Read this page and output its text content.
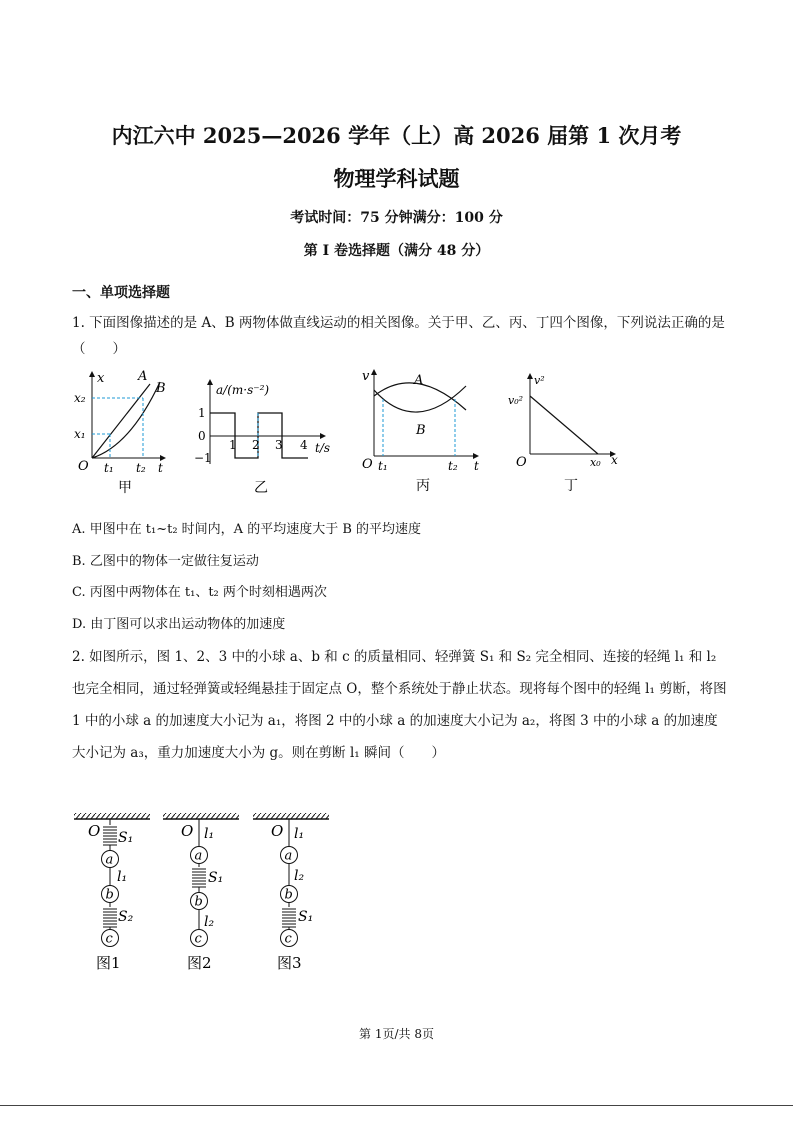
内江六中 2025—2026 学年（上）高 2026 届第 1 次月考
物理学科试题
考试时间：75 分钟满分：100 分
第 I 卷选择题（满分 48 分）
一、单项选择题
1. 下面图像描述的是 A、B 两物体做直线运动的相关图像。关于甲、乙、丙、丁四个图像，下列说法正确的是（　　）
x
t
O
x₂
x₁
t₁ t₂
A
B
甲
a/(m·s⁻²)
t/s
1
0
−1
1 2 3 4
乙
v
t
O t₁	t₂
A
B
丙
v²
x
O
v₀²
x₀
丁
A. 甲图中在 t₁~t₂ 时间内，A 的平均速度大于 B 的平均速度
B. 乙图中的物体一定做往复运动
C. 丙图中两物体在 t₁、t₂ 两个时刻相遇两次
D. 由丁图可以求出运动物体的加速度
2. 如图所示，图 1、2、3 中的小球 a、b 和 c 的质量相同、轻弹簧 S₁ 和 S₂ 完全相同、连接的轻绳 l₁ 和 l₂ 也完全相同，通过轻弹簧或轻绳悬挂于固定点 O，整个系统处于静止状态。现将每个图中的轻绳 l₁ 剪断，将图 1 中的小球 a 的加速度大小记为 a₁，将图 2 中的小球 a 的加速度大小记为 a₂，将图 3 中的小球 a 的加速度大小记为 a₃，重力加速度大小为 g。则在剪断 l₁ 瞬间（　　）
O S₁
a
l₁
b
S₂
c
图1
O l₁
a
S₁
b
l₂
c
图2
O l₁
a
l₂
b
S₁
c
图3
第 1页/共 8页
